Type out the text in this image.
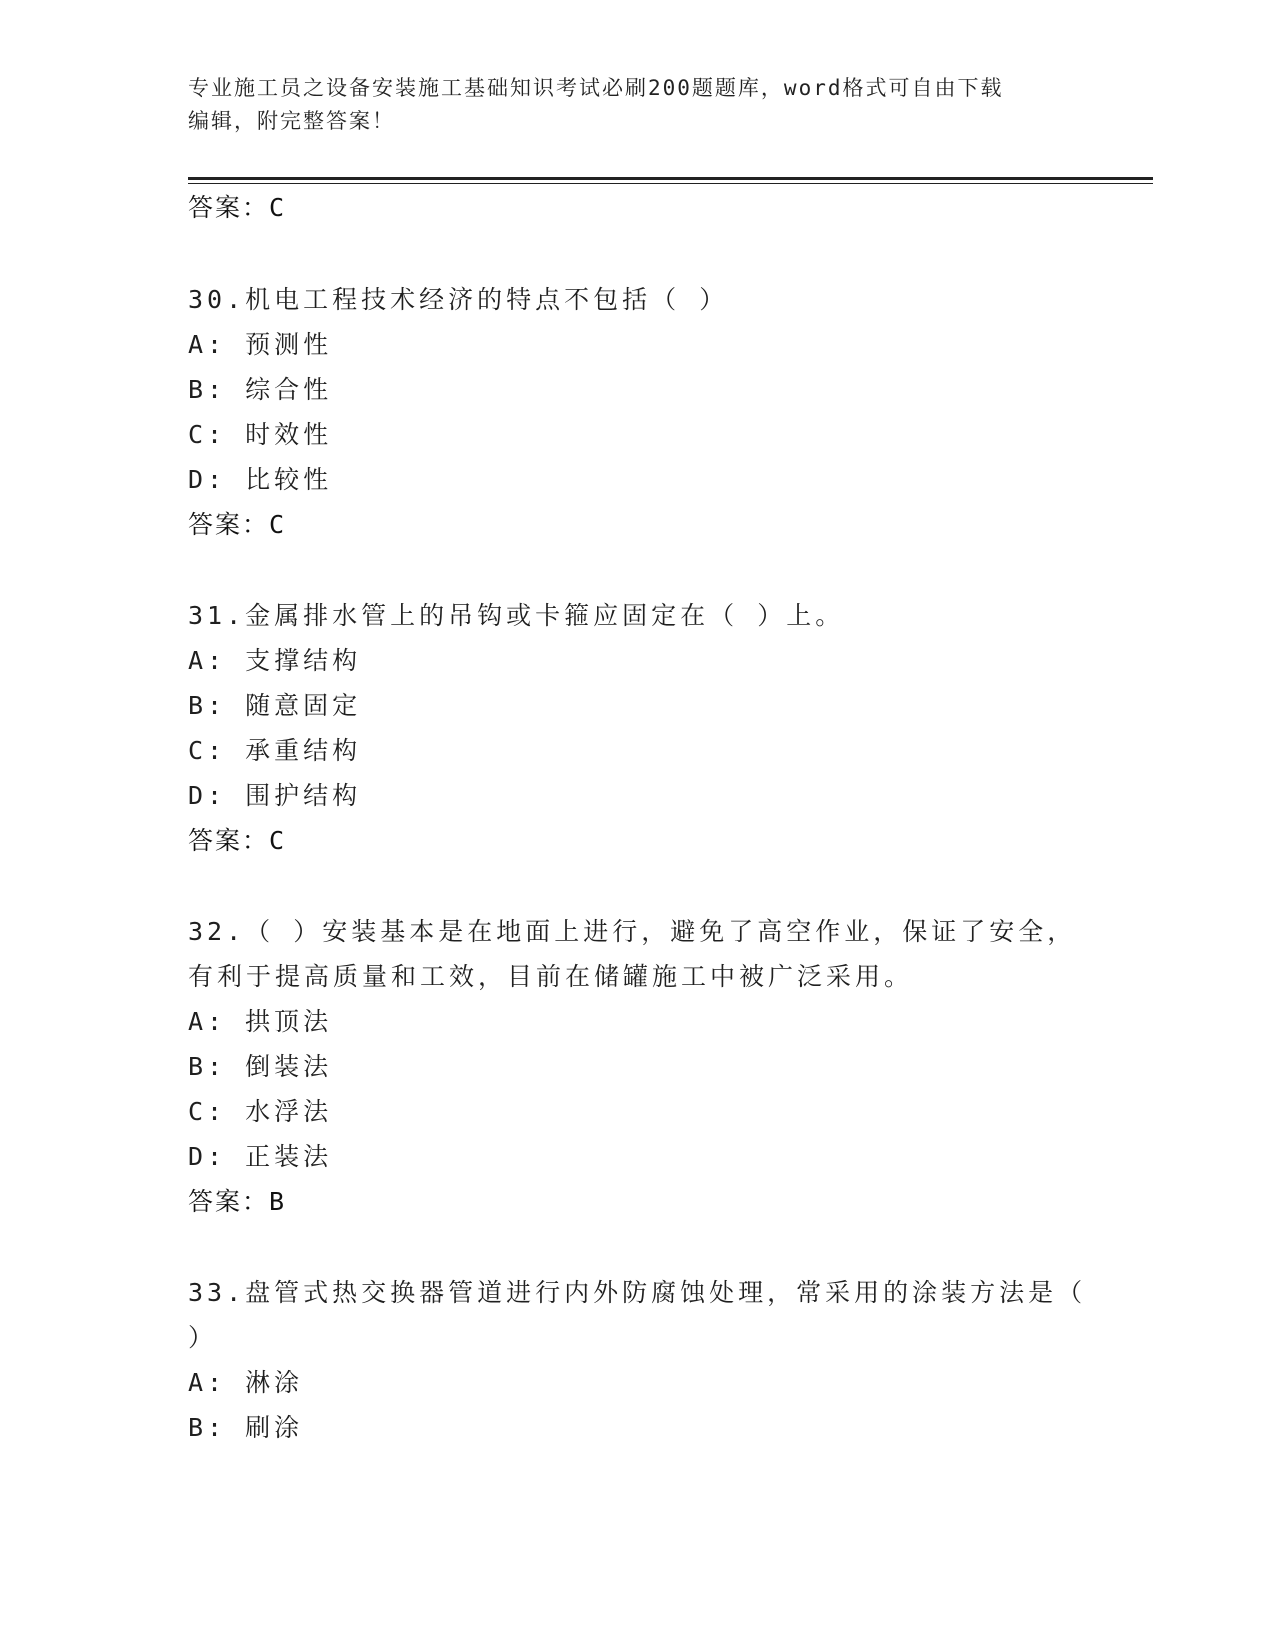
专业施工员之设备安装施工基础知识考试必刷200题题库，word格式可自由下载
编辑，附完整答案！
答案：C
30.机电工程技术经济的特点不包括（ ）
A: 预测性
B: 综合性
C: 时效性
D: 比较性
答案：C
31.金属排水管上的吊钩或卡箍应固定在（ ）上。
A: 支撑结构
B: 随意固定
C: 承重结构
D: 围护结构
答案：C
32.（ ）安装基本是在地面上进行，避免了高空作业，保证了安全，
有利于提高质量和工效，目前在储罐施工中被广泛采用。
A: 拱顶法
B: 倒装法
C: 水浮法
D: 正装法
答案：B
33.盘管式热交换器管道进行内外防腐蚀处理，常采用的涂装方法是（
）
A: 淋涂
B: 刷涂
